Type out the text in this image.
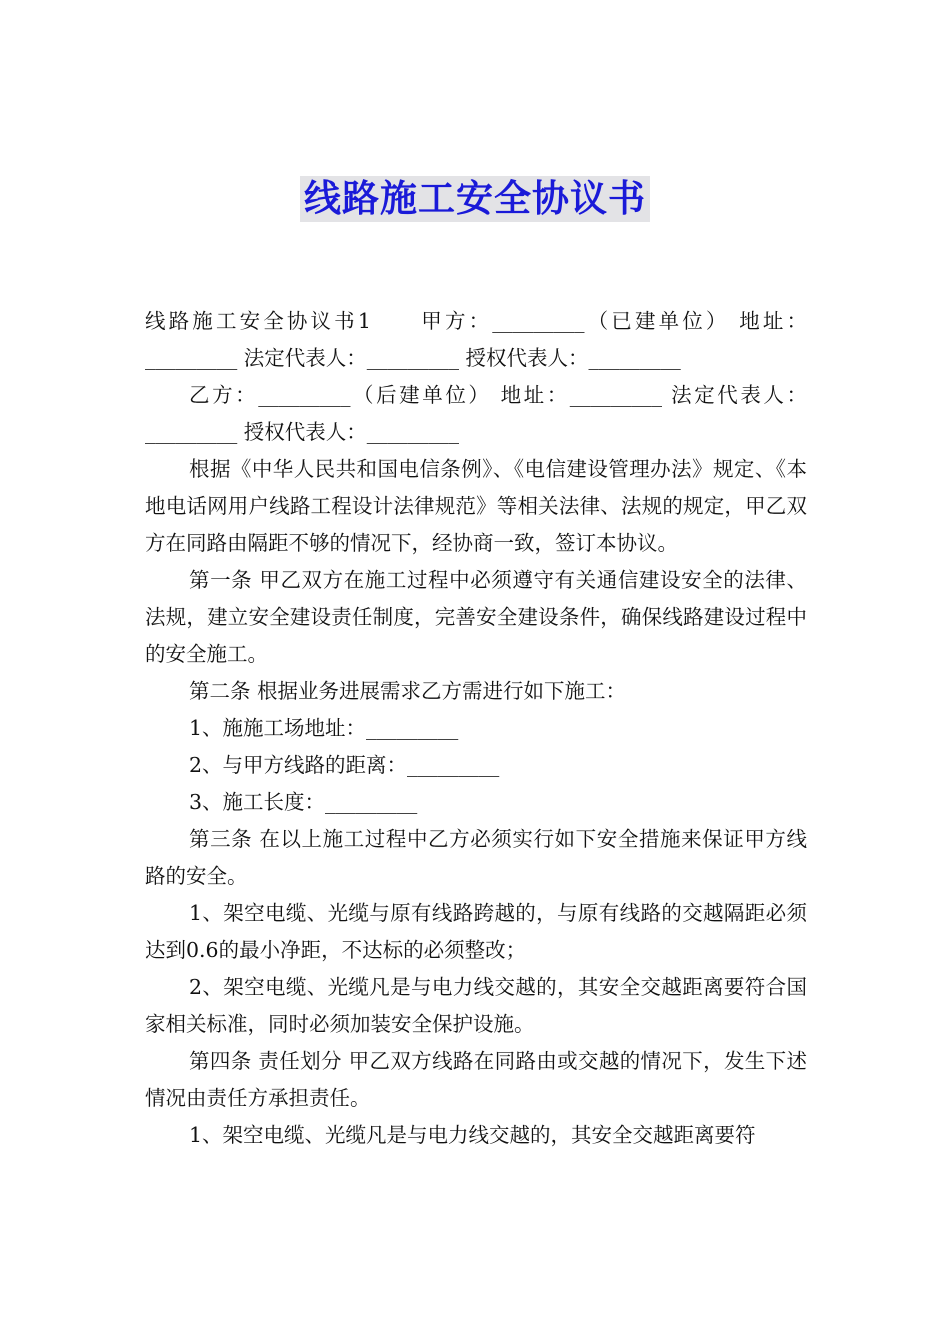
线路施工安全协议书

线路施工安全协议书1　　甲方：_________（已建单位） 地址：_________ 法定代表人：_________ 授权代表人：_________

乙方：_________（后建单位） 地址：_________ 法定代表人：_________ 授权代表人：_________

根据《中华人民共和国电信条例》、《电信建设管理办法》规定、《本地电话网用户线路工程设计法律规范》等相关法律、法规的规定，甲乙双方在同路由隔距不够的情况下，经协商一致，签订本协议。

第一条 甲乙双方在施工过程中必须遵守有关通信建设安全的法律、法规，建立安全建设责任制度，完善安全建设条件，确保线路建设过程中的安全施工。

第二条 根据业务进展需求乙方需进行如下施工：

1、施施工场地址：_________

2、与甲方线路的距离：_________

3、施工长度：_________

第三条 在以上施工过程中乙方必须实行如下安全措施来保证甲方线路的安全。

1、架空电缆、光缆与原有线路跨越的，与原有线路的交越隔距必须达到0.6的最小净距，不达标的必须整改；

2、架空电缆、光缆凡是与电力线交越的，其安全交越距离要符合国家相关标准，同时必须加装安全保护设施。

第四条 责任划分 甲乙双方线路在同路由或交越的情况下，发生下述情况由责任方承担责任。

1、架空电缆、光缆凡是与电力线交越的，其安全交越距离要符
